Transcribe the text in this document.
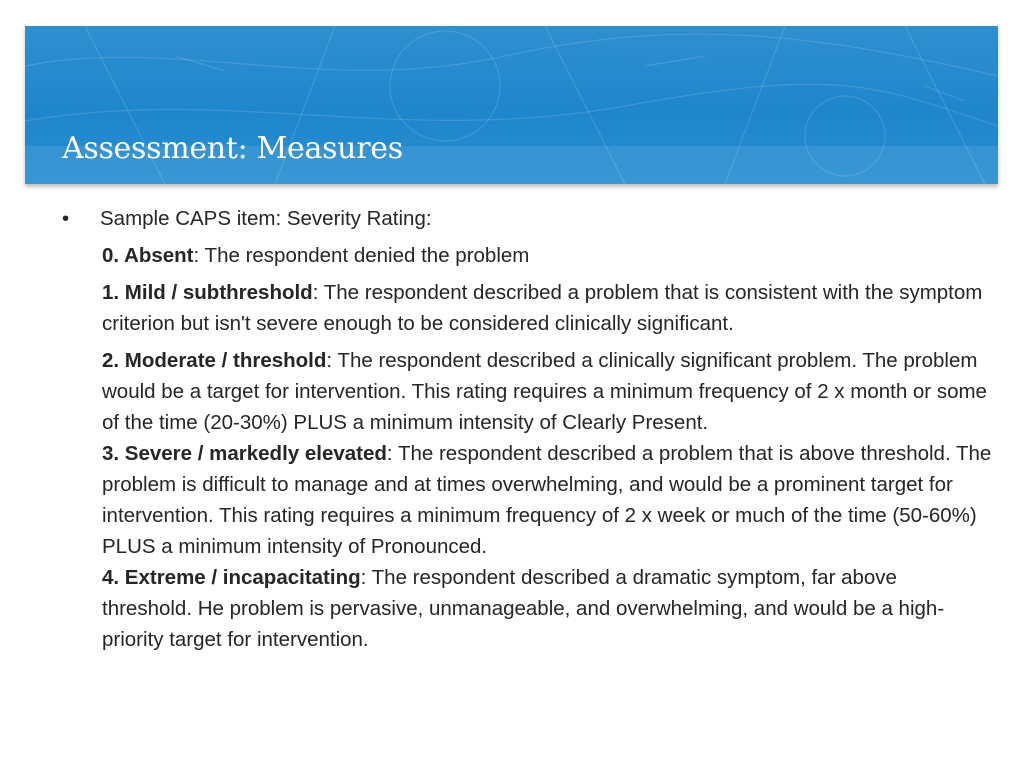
Assessment: Measures
• Sample CAPS item: Severity Rating:

0. Absent: The respondent denied the problem

1. Mild / subthreshold: The respondent described a problem that is consistent with the symptom criterion but isn't severe enough to be considered clinically significant.

2. Moderate / threshold: The respondent described a clinically significant problem. The problem would be a target for intervention. This rating requires a minimum frequency of 2 x month or some of the time (20-30%) PLUS a minimum intensity of Clearly Present.

3. Severe / markedly elevated: The respondent described a problem that is above threshold. The problem is difficult to manage and at times overwhelming, and would be a prominent target for intervention. This rating requires a minimum frequency of 2 x week or much of the time (50-60%) PLUS a minimum intensity of Pronounced.

4. Extreme / incapacitating: The respondent described a dramatic symptom, far above threshold. He problem is pervasive, unmanageable, and overwhelming, and would be a high-priority target for intervention.
